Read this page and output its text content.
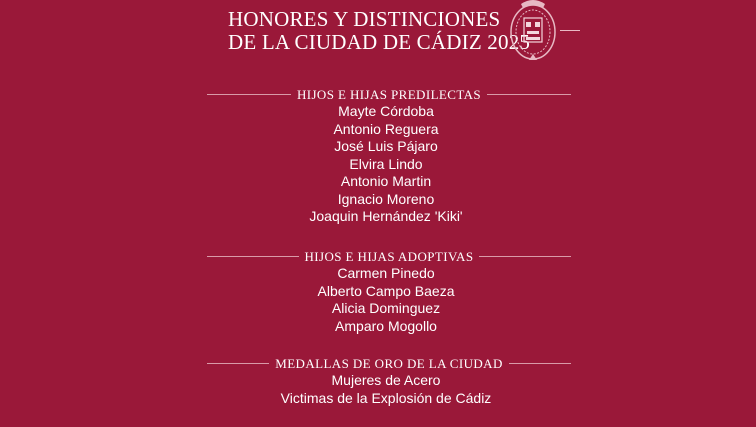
HONORES Y DISTINCIONES
DE LA CIUDAD DE CÁDIZ 2025
HIJOS E HIJAS PREDILECTAS
Mayte Córdoba
Antonio Reguera
José Luis Pájaro
Elvira Lindo
Antonio Martin
Ignacio Moreno
Joaquin Hernández 'Kiki'
HIJOS E HIJAS ADOPTIVAS
Carmen Pinedo
Alberto Campo Baeza
Alicia Dominguez
Amparo Mogollo
MEDALLAS DE ORO DE LA CIUDAD
Mujeres de Acero
Victimas de la Explosión de Cádiz
